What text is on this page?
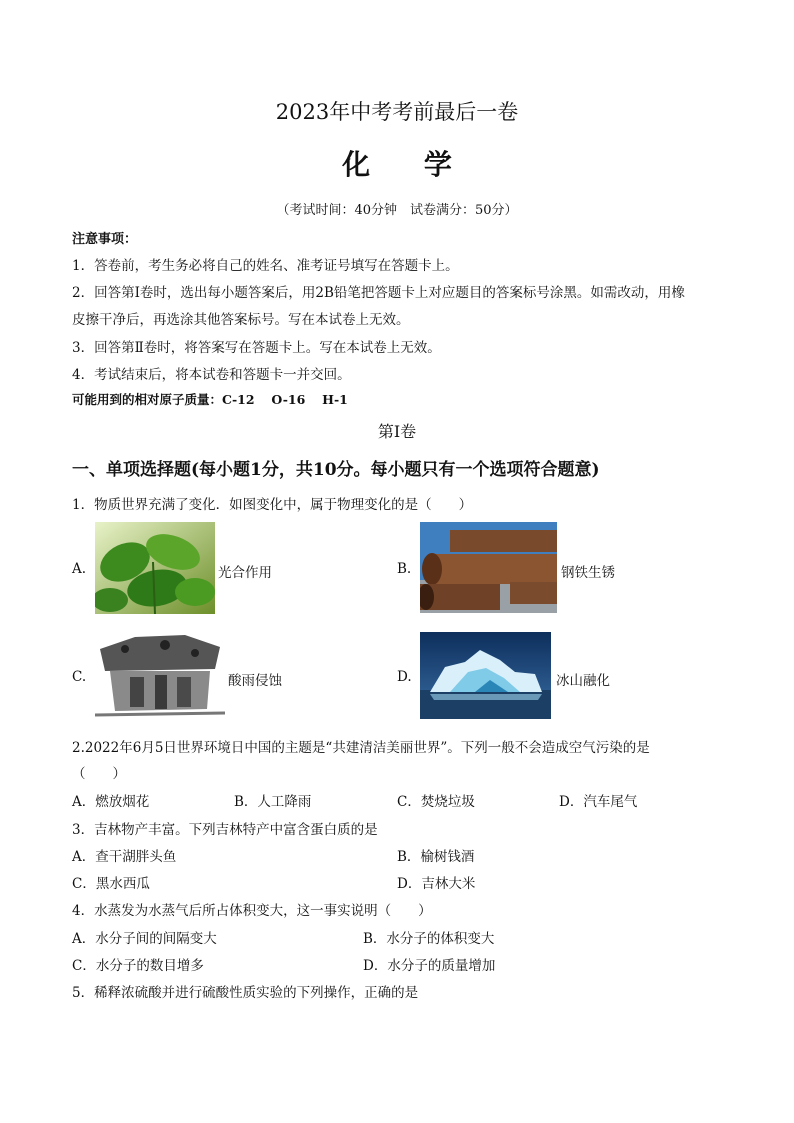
2023年中考考前最后一卷
化 学
（考试时间：40分钟　试卷满分：50分）
注意事项：
1．答卷前，考生务必将自己的姓名、准考证号填写在答题卡上。
2．回答第Ⅰ卷时，选出每小题答案后，用2B铅笔把答题卡上对应题目的答案标号涂黑。如需改动，用橡
皮擦干净后，再选涂其他答案标号。写在本试卷上无效。
3．回答第Ⅱ卷时，将答案写在答题卡上。写在本试卷上无效。
4．考试结束后，将本试卷和答题卡一并交回。
可能用到的相对原子质量：C-12　 O-16　 H-1
第Ⅰ卷
一、单项选择题(每小题1分，共10分。每小题只有一个选项符合题意)
1．物质世界充满了变化．如图变化中，属于物理变化的是（　　）
A.	光合作用	B.	钢铁生锈
C.	酸雨侵蚀	D.	冰山融化
2.2022年6月5日世界环境日中国的主题是“共建清洁美丽世界”。下列一般不会造成空气污染的是
（　　）
A．燃放烟花	B．人工降雨	C．焚烧垃圾	D．汽车尾气
3．吉林物产丰富。下列吉林特产中富含蛋白质的是
A．查干湖胖头鱼	B．榆树钱酒
C．黑水西瓜	D．吉林大米
4．水蒸发为水蒸气后所占体积变大，这一事实说明（　　）
A．水分子间的间隔变大	B．水分子的体积变大
C．水分子的数目增多	D．水分子的质量增加
5．稀释浓硫酸并进行硫酸性质实验的下列操作，正确的是
